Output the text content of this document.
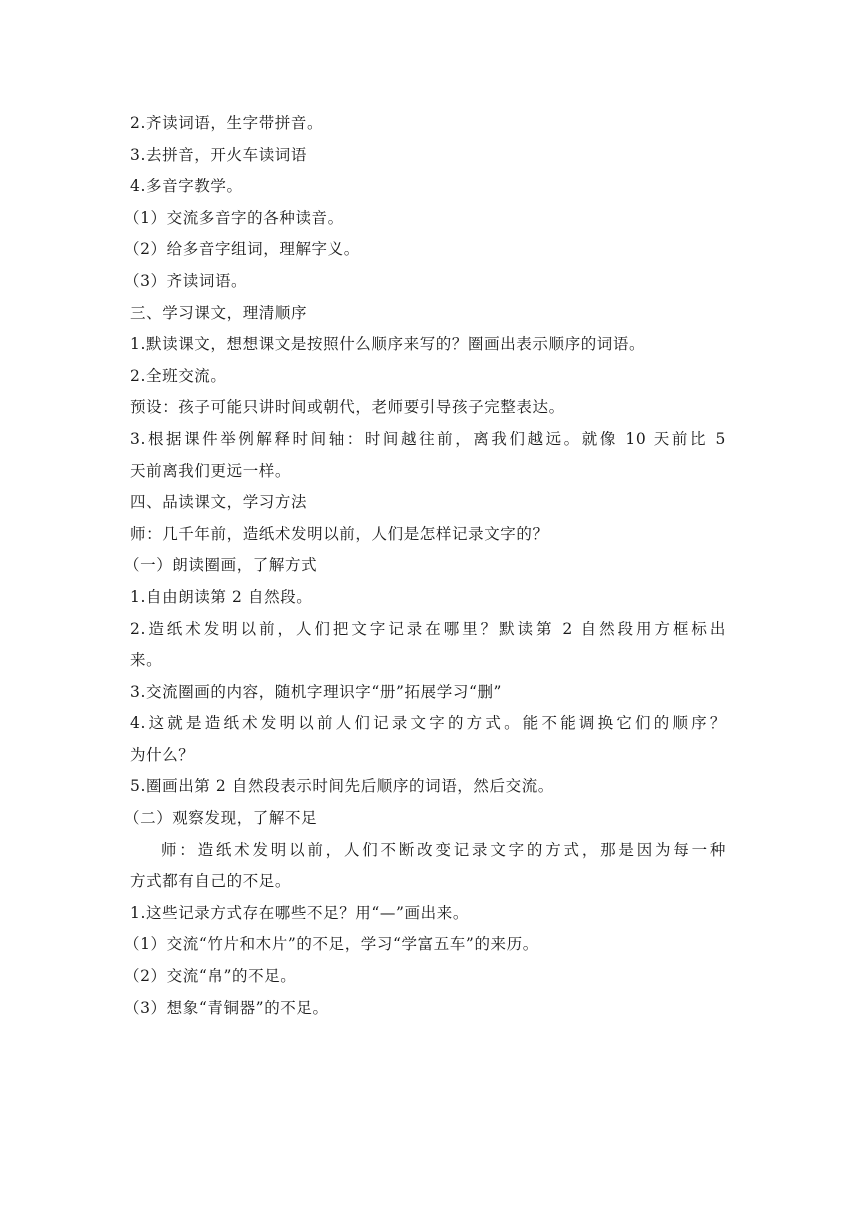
2.齐读词语，生字带拼音。
3.去拼音，开火车读词语
4.多音字教学。
（1）交流多音字的各种读音。
（2）给多音字组词，理解字义。
（3）齐读词语。
三、学习课文，理清顺序
1.默读课文，想想课文是按照什么顺序来写的？圈画出表示顺序的词语。
2.全班交流。
预设：孩子可能只讲时间或朝代，老师要引导孩子完整表达。
3.根据课件举例解释时间轴：时间越往前，离我们越远。就像 10 天前比 5
天前离我们更远一样。
四、品读课文，学习方法
师：几千年前，造纸术发明以前，人们是怎样记录文字的？
（一）朗读圈画，了解方式
1.自由朗读第 2 自然段。
2.造纸术发明以前，人们把文字记录在哪里？默读第 2 自然段用方框标出
来。
3.交流圈画的内容，随机字理识字“册”拓展学习“删”
4.这就是造纸术发明以前人们记录文字的方式。能不能调换它们的顺序？
为什么？
5.圈画出第 2 自然段表示时间先后顺序的词语，然后交流。
（二）观察发现，了解不足
师：造纸术发明以前，人们不断改变记录文字的方式，那是因为每一种
方式都有自己的不足。
1.这些记录方式存在哪些不足？用“—”画出来。
（1）交流“竹片和木片”的不足，学习“学富五车”的来历。
（2）交流“帛”的不足。
（3）想象“青铜器”的不足。
